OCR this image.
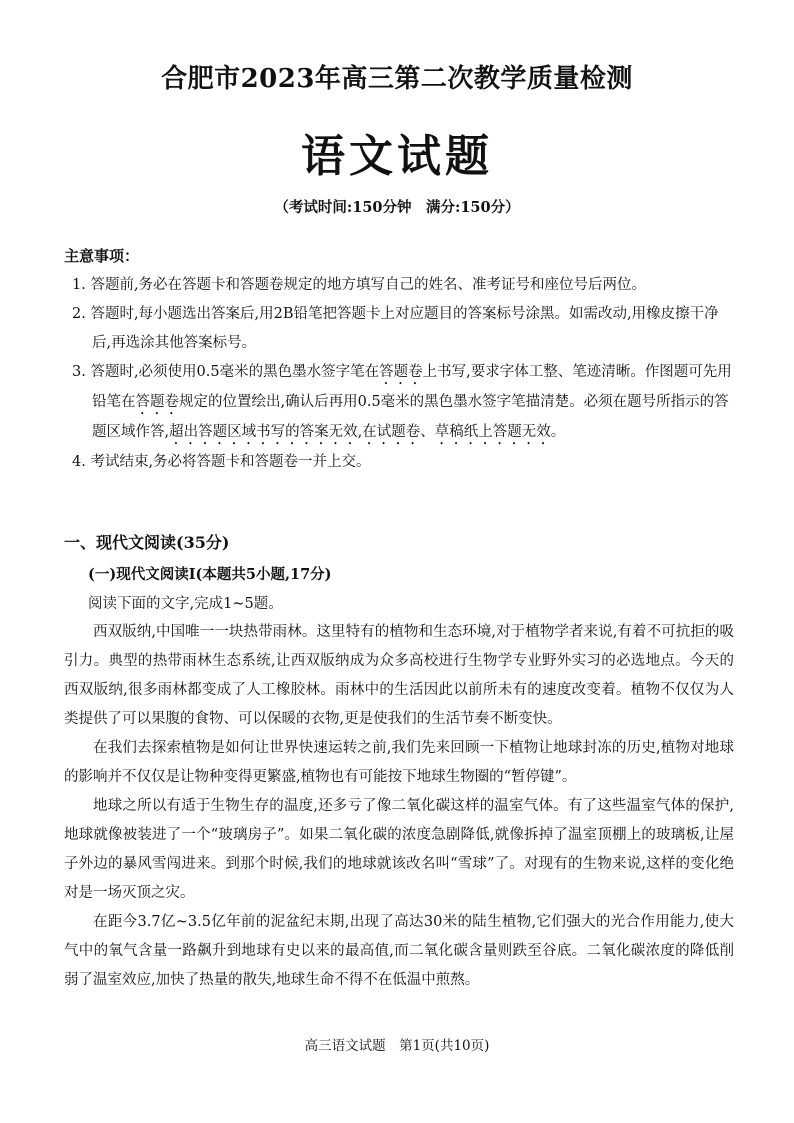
合肥市2023年高三第二次教学质量检测
语文试题
（考试时间:150分钟　满分:150分）
主意事项：

1. 答题前,务必在答题卡和答题卷规定的地方填写自己的姓名、准考证号和座位号后两位。

2. 答题时,每小题选出答案后,用2B铅笔把答题卡上对应题目的答案标号涂黑。如需改动,用橡皮擦干净后,再选涂其他答案标号。

3. 答题时,必须使用0.5毫米的黑色墨水签字笔在答题卷上书写,要求字体工整、笔迹清晰。作图题可先用铅笔在答题卷规定的位置绘出,确认后再用0.5毫米的黑色墨水签字笔描清楚。必须在题号所指示的答题区域作答,超出答题区域书写的答案无效,在试题卷、草稿纸上答题无效。

4. 考试结束,务必将答题卡和答题卷一并上交。

一、现代文阅读(35分)
(一)现代文阅读Ⅰ(本题共5小题,17分)
阅读下面的文字,完成1~5题。

西双版纳,中国唯一一块热带雨林。这里特有的植物和生态环境,对于植物学者来说,有着不可抗拒的吸引力。典型的热带雨林生态系统,让西双版纳成为众多高校进行生物学专业野外实习的必选地点。今天的西双版纳,很多雨林都变成了人工橡胶林。雨林中的生活因此以前所未有的速度改变着。植物不仅仅为人类提供了可以果腹的食物、可以保暖的衣物,更是使我们的生活节奏不断变快。

在我们去探索植物是如何让世界快速运转之前,我们先来回顾一下植物让地球封冻的历史,植物对地球的影响并不仅仅是让物种变得更繁盛,植物也有可能按下地球生物圈的“暂停键”。

地球之所以有适于生物生存的温度,还多亏了像二氧化碳这样的温室气体。有了这些温室气体的保护,地球就像被装进了一个“玻璃房子”。如果二氧化碳的浓度急剧降低,就像拆掉了温室顶棚上的玻璃板,让屋子外边的暴风雪闯进来。到那个时候,我们的地球就该改名叫“雪球”了。对现有的生物来说,这样的变化绝对是一场灭顶之灾。

在距今3.7亿~3.5亿年前的泥盆纪末期,出现了高达30米的陆生植物,它们强大的光合作用能力,使大气中的氧气含量一路飙升到地球有史以来的最高值,而二氧化碳含量则跌至谷底。二氧化碳浓度的降低削弱了温室效应,加快了热量的散失,地球生命不得不在低温中煎熬。

高三语文试题　第1页(共10页)
